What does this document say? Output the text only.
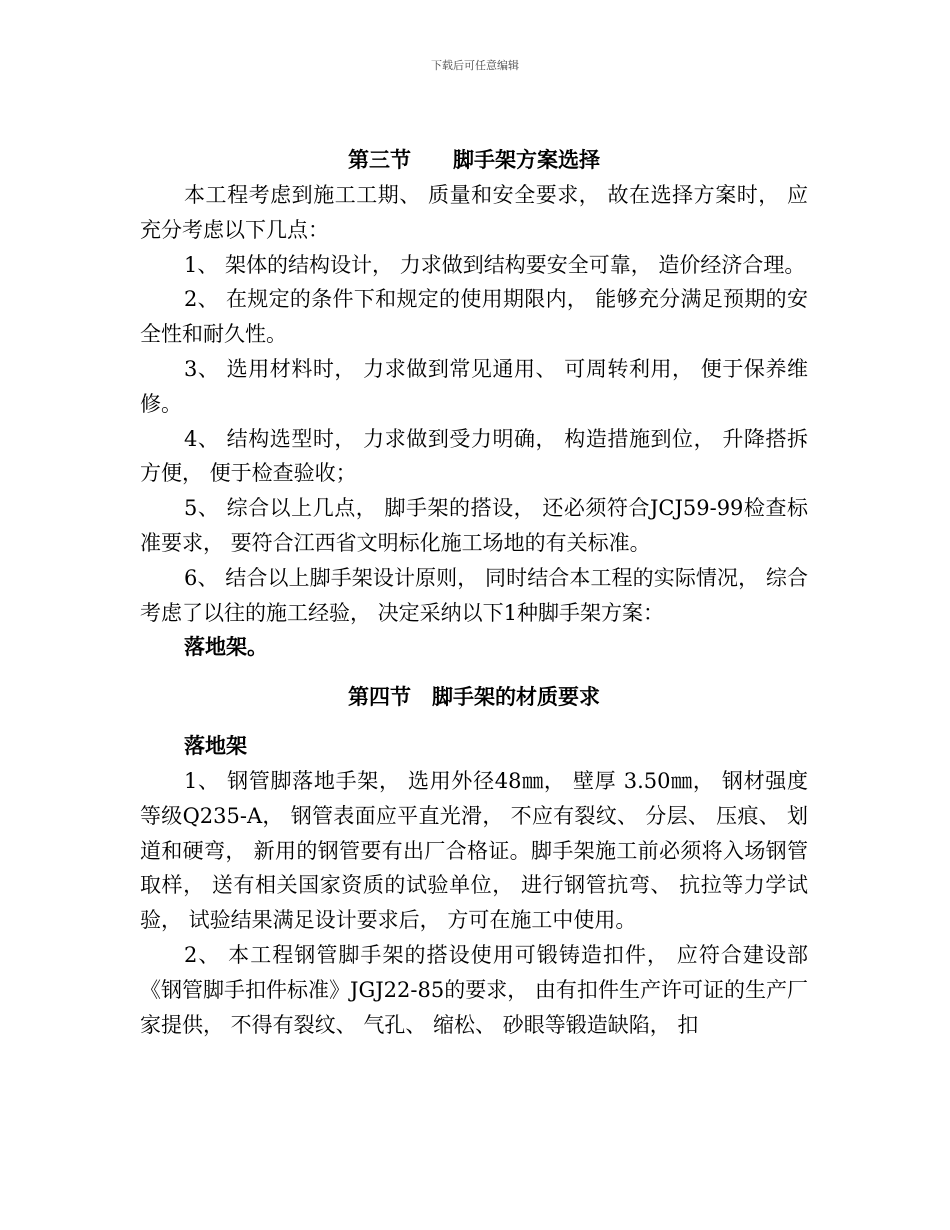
下载后可任意编辑
第三节　　脚手架方案选择

本工程考虑到施工工期、 质量和安全要求， 故在选择方案时， 应充分考虑以下几点：

1、 架体的结构设计， 力求做到结构要安全可靠， 造价经济合理。

2、 在规定的条件下和规定的使用期限内， 能够充分满足预期的安全性和耐久性。

3、 选用材料时， 力求做到常见通用、 可周转利用， 便于保养维修。

4、 结构选型时， 力求做到受力明确， 构造措施到位， 升降搭拆方便， 便于检查验收；

5、 综合以上几点， 脚手架的搭设， 还必须符合JCJ59-99检查标准要求， 要符合江西省文明标化施工场地的有关标准。

6、 结合以上脚手架设计原则， 同时结合本工程的实际情况， 综合考虑了以往的施工经验， 决定采纳以下1种脚手架方案：

落地架。
第四节　脚手架的材质要求
落地架

1、 钢管脚落地手架， 选用外径48㎜， 壁厚 3.50㎜， 钢材强度等级Q235-A， 钢管表面应平直光滑， 不应有裂纹、 分层、 压痕、 划道和硬弯， 新用的钢管要有出厂合格证。脚手架施工前必须将入场钢管取样， 送有相关国家资质的试验单位， 进行钢管抗弯、 抗拉等力学试验， 试验结果满足设计要求后， 方可在施工中使用。

2、 本工程钢管脚手架的搭设使用可锻铸造扣件， 应符合建设部《钢管脚手扣件标准》JGJ22-85的要求， 由有扣件生产许可证的生产厂家提供， 不得有裂纹、 气孔、 缩松、 砂眼等锻造缺陷， 扣
